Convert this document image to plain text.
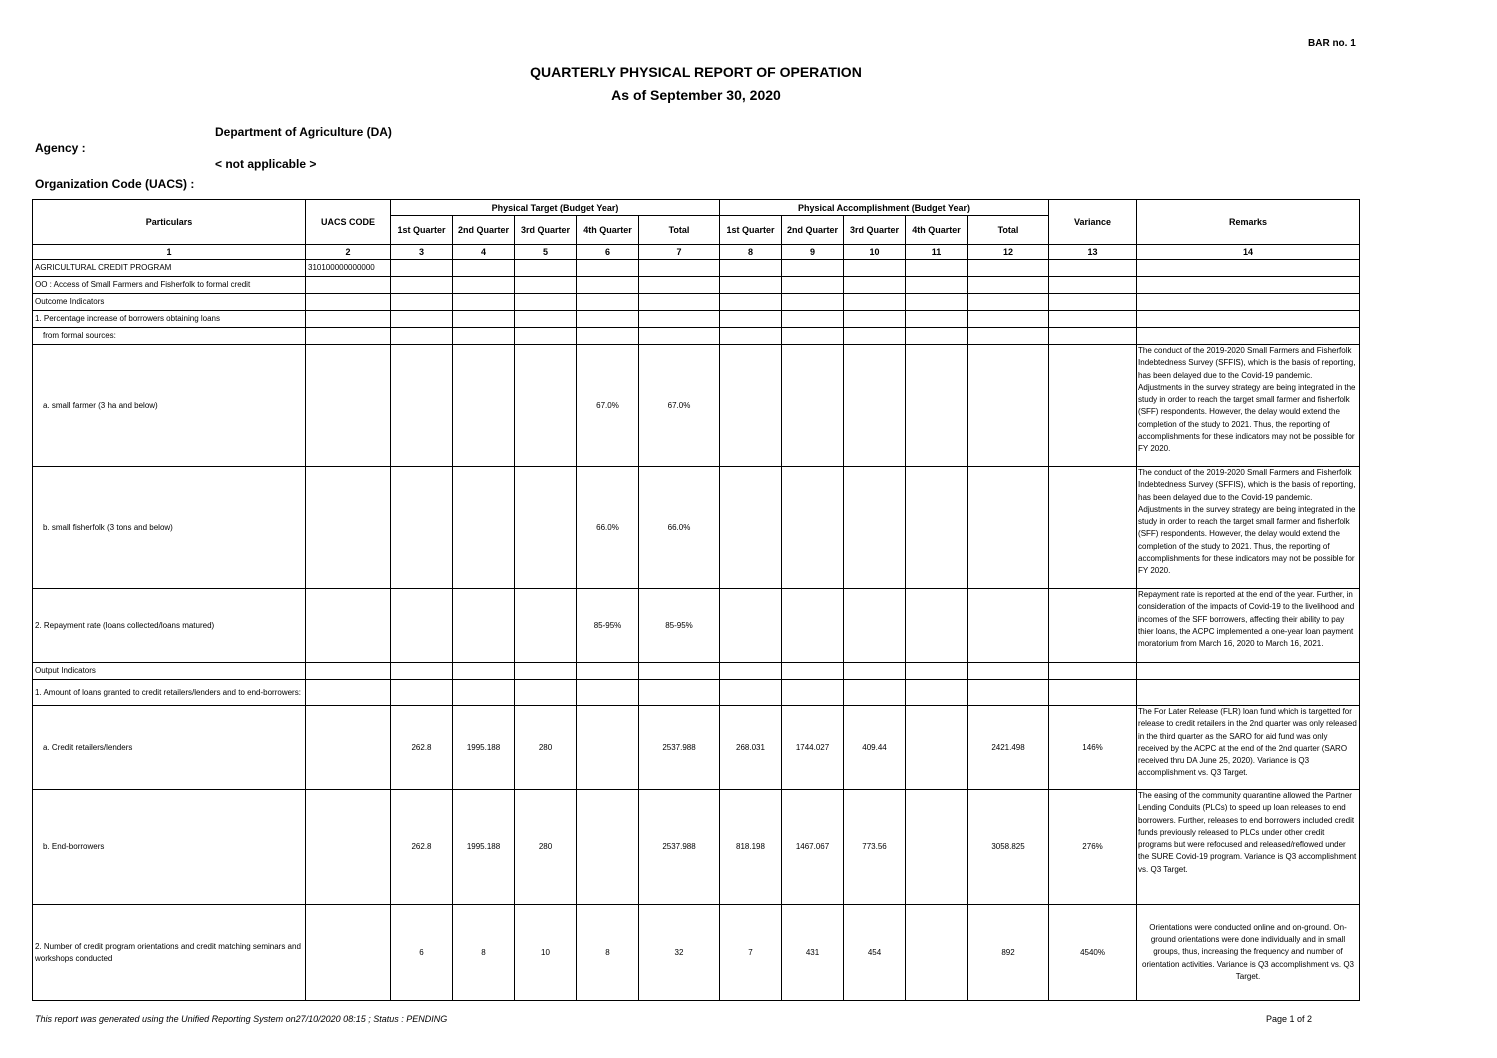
BAR no. 1
QUARTERLY PHYSICAL REPORT OF OPERATION
As of September 30, 2020
Department of Agriculture (DA)
Agency :
< not applicable >
Organization Code (UACS) :
Particulars	UACS CODE	Physical Target (Budget Year)					Physical Accomplishment (Budget Year)					Variance	Remarks
		1st Quarter	2nd Quarter	3rd Quarter	4th Quarter	Total	1st Quarter	2nd Quarter	3rd Quarter	4th Quarter	Total		
1	2	3	4	5	6	7	8	9	10	11	12	13	14
AGRICULTURAL CREDIT PROGRAM	310100000000000												
OO : Access of Small Farmers and Fisherfolk to formal credit													
Outcome Indicators													
1. Percentage increase of borrowers obtaining loans													
from formal sources:													
a. small farmer (3 ha and below)					67.0%	67.0%							The conduct of the 2019-2020 Small Farmers and Fisherfolk Indebtedness Survey (SFFIS), which is the basis of reporting, has been delayed due to the Covid-19 pandemic. Adjustments in the survey strategy are being integrated in the study in order to reach the target small farmer and fisherfolk (SFF) respondents. However, the delay would extend the completion of the study to 2021. Thus, the reporting of accomplishments for these indicators may not be possible for FY 2020.
b. small fisherfolk (3 tons and below)					66.0%	66.0%							The conduct of the 2019-2020 Small Farmers and Fisherfolk Indebtedness Survey (SFFIS), which is the basis of reporting, has been delayed due to the Covid-19 pandemic. Adjustments in the survey strategy are being integrated in the study in order to reach the target small farmer and fisherfolk (SFF) respondents. However, the delay would extend the completion of the study to 2021. Thus, the reporting of accomplishments for these indicators may not be possible for FY 2020.
2. Repayment rate (loans collected/loans matured)					85-95%	85-95%							Repayment rate is reported at the end of the year. Further, in consideration of the impacts of Covid-19 to the livelihood and incomes of the SFF borrowers, affecting their ability to pay thier loans, the ACPC implemented a one-year loan payment moratorium from March 16, 2020 to March 16, 2021.
Output Indicators													
1. Amount of loans granted to credit retailers/lenders and to end-borrowers:													
a. Credit retailers/lenders		262.8	1995.188	280		2537.988	268.031	1744.027	409.44		2421.498	146%	The For Later Release (FLR) loan fund which is targetted for release to credit retailers in the 2nd quarter was only released in the third quarter as the SARO for aid fund was only received by the ACPC at the end of the 2nd quarter (SARO received thru DA June 25, 2020). Variance is Q3 accomplishment vs. Q3 Target.
b. End-borrowers		262.8	1995.188	280		2537.988	818.198	1467.067	773.56		3058.825	276%	The easing of the community quarantine allowed the Partner Lending Conduits (PLCs) to speed up loan releases to end borrowers. Further, releases to end borrowers included credit funds previously released to PLCs under other credit programs but were refocused and released/reflowed under the SURE Covid-19 program. Variance is Q3 accomplishment vs. Q3 Target.
2. Number of credit program orientations and credit matching seminars and workshops conducted		6	8	10	8	32	7	431	454		892	4540%	Orientations were conducted online and on-ground. On-ground orientations were done individually and in small groups, thus, increasing the frequency and number of orientation activities. Variance is Q3 accomplishment vs. Q3 Target.
This report was generated using the Unified Reporting System on27/10/2020 08:15 ; Status : PENDING	Page 1 of 2
